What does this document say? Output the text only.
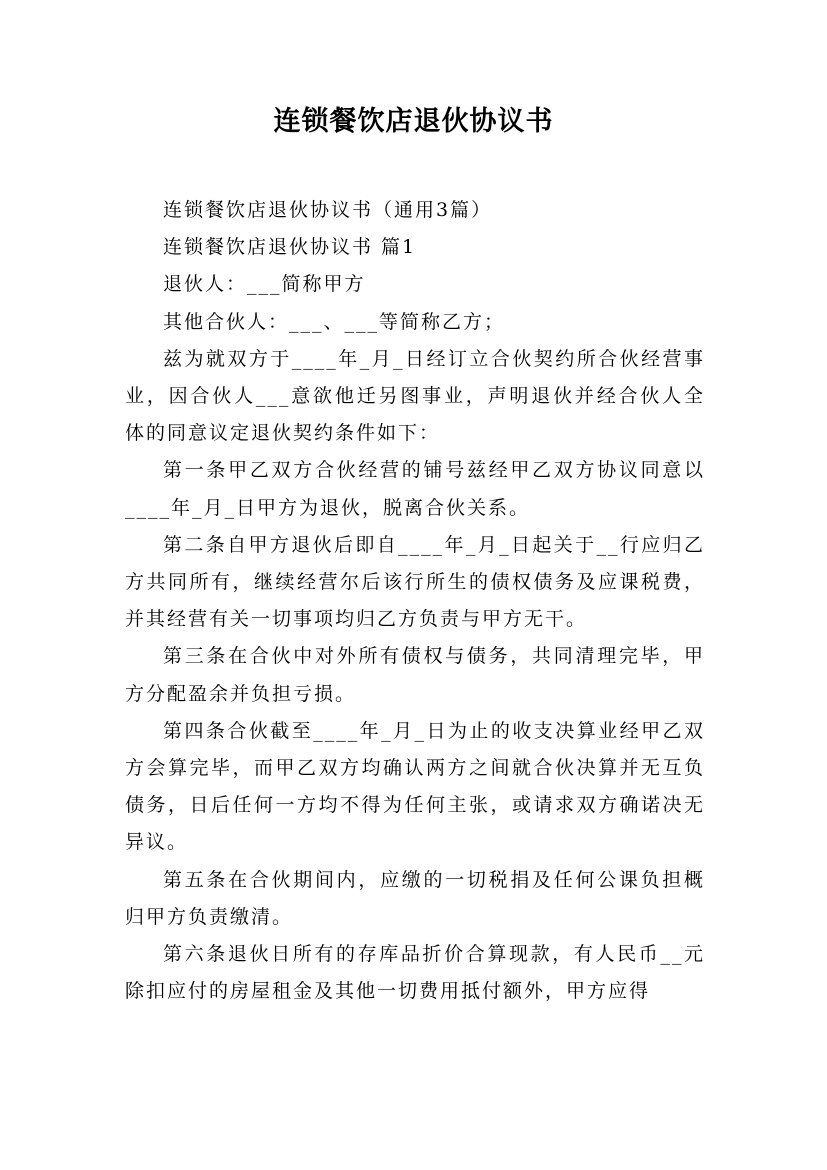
连锁餐饮店退伙协议书

连锁餐饮店退伙协议书（通用3篇）

连锁餐饮店退伙协议书 篇1

退伙人：___简称甲方

其他合伙人：___、___等简称乙方；

兹为就双方于____年_月_日经订立合伙契约所合伙经营事业，因合伙人___意欲他迁另图事业，声明退伙并经合伙人全体的同意议定退伙契约条件如下：

第一条甲乙双方合伙经营的铺号兹经甲乙双方协议同意以____年_月_日甲方为退伙，脱离合伙关系。

第二条自甲方退伙后即自____年_月_日起关于__行应归乙方共同所有，继续经营尔后该行所生的债权债务及应课税费，并其经营有关一切事项均归乙方负责与甲方无干。

第三条在合伙中对外所有债权与债务，共同清理完毕，甲方分配盈余并负担亏损。

第四条合伙截至____年_月_日为止的收支决算业经甲乙双方会算完毕，而甲乙双方均确认两方之间就合伙决算并无互负债务，日后任何一方均不得为任何主张，或请求双方确诺决无异议。

第五条在合伙期间内，应缴的一切税捐及任何公课负担概归甲方负责缴清。

第六条退伙日所有的存库品折价合算现款，有人民币__元除扣应付的房屋租金及其他一切费用抵付额外，甲方应得
